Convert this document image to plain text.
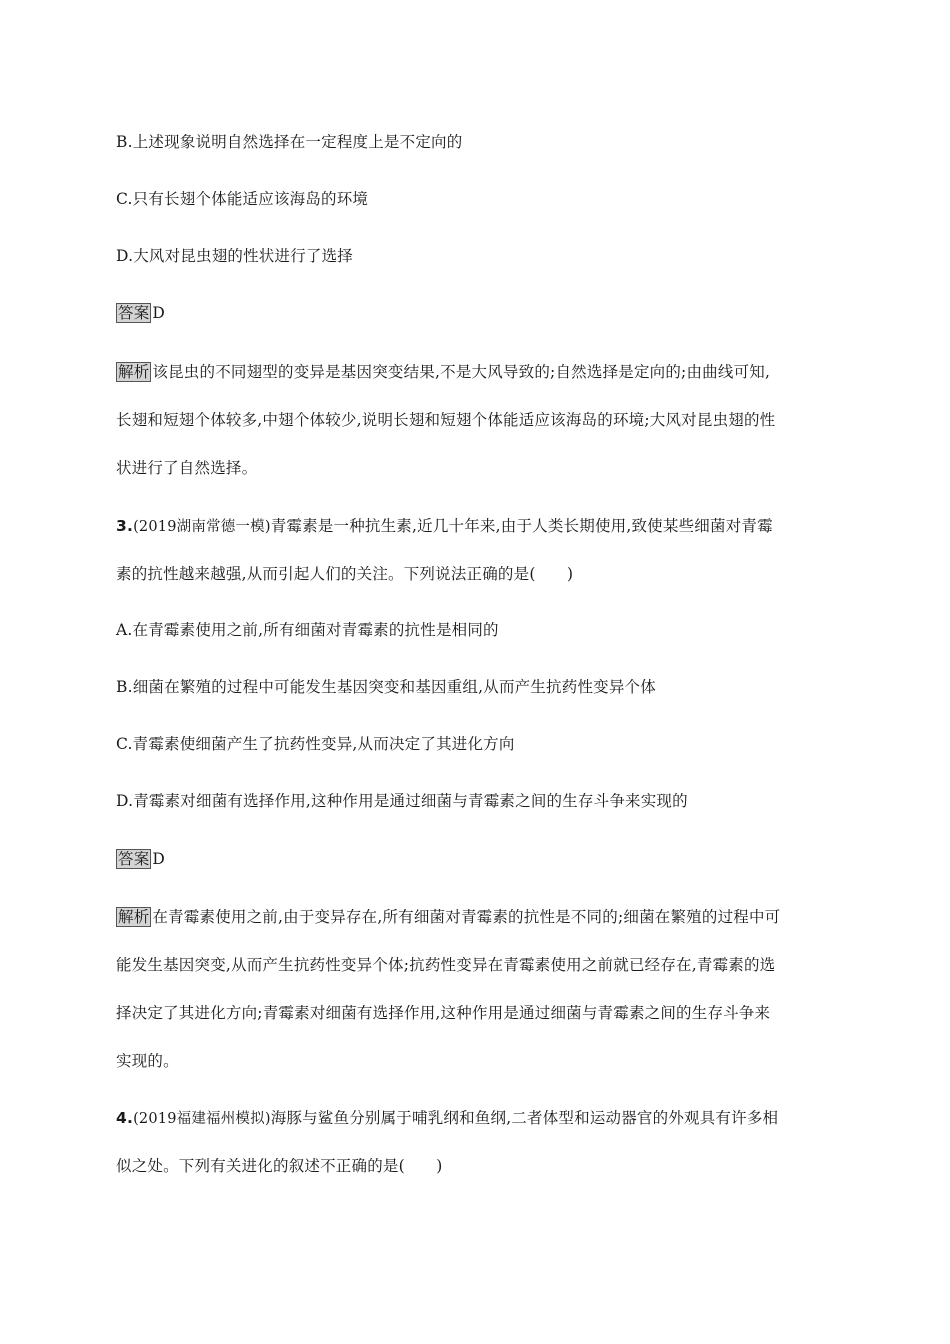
B.上述现象说明自然选择在一定程度上是不定向的
C.只有长翅个体能适应该海岛的环境
D.大风对昆虫翅的性状进行了选择
答案 D
解析 该昆虫的不同翅型的变异是基因突变结果,不是大风导致的;自然选择是定向的;由曲线可知,
长翅和短翅个体较多,中翅个体较少,说明长翅和短翅个体能适应该海岛的环境;大风对昆虫翅的性
状进行了自然选择。
3.(2019湖南常德一模)青霉素是一种抗生素,近几十年来,由于人类长期使用,致使某些细菌对青霉
素的抗性越来越强,从而引起人们的关注。下列说法正确的是(　　)
A.在青霉素使用之前,所有细菌对青霉素的抗性是相同的
B.细菌在繁殖的过程中可能发生基因突变和基因重组,从而产生抗药性变异个体
C.青霉素使细菌产生了抗药性变异,从而决定了其进化方向
D.青霉素对细菌有选择作用,这种作用是通过细菌与青霉素之间的生存斗争来实现的
答案 D
解析 在青霉素使用之前,由于变异存在,所有细菌对青霉素的抗性是不同的;细菌在繁殖的过程中可
能发生基因突变,从而产生抗药性变异个体;抗药性变异在青霉素使用之前就已经存在,青霉素的选
择决定了其进化方向;青霉素对细菌有选择作用,这种作用是通过细菌与青霉素之间的生存斗争来
实现的。
4.(2019福建福州模拟)海豚与鲨鱼分别属于哺乳纲和鱼纲,二者体型和运动器官的外观具有许多相
似之处。下列有关进化的叙述不正确的是(　　)
